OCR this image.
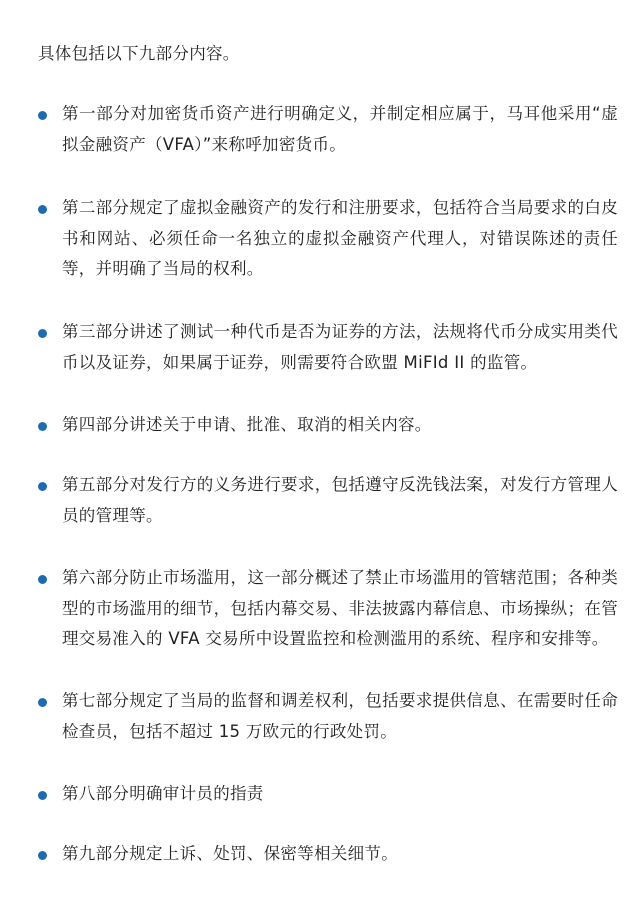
具体包括以下九部分内容。
第一部分对加密货币资产进行明确定义，并制定相应属于，马耳他采用“虚拟金融资产（VFA）”来称呼加密货币。
第二部分规定了虚拟金融资产的发行和注册要求，包括符合当局要求的白皮书和网站、必须任命一名独立的虚拟金融资产代理人，对错误陈述的责任等，并明确了当局的权利。
第三部分讲述了测试一种代币是否为证券的方法，法规将代币分成实用类代币以及证券，如果属于证券，则需要符合欧盟 MiFId II 的监管。
第四部分讲述关于申请、批准、取消的相关内容。
第五部分对发行方的义务进行要求，包括遵守反洗钱法案，对发行方管理人员的管理等。
第六部分防止市场滥用，这一部分概述了禁止市场滥用的管辖范围；各种类型的市场滥用的细节，包括内幕交易、非法披露内幕信息、市场操纵；在管理交易准入的 VFA 交易所中设置监控和检测滥用的系统、程序和安排等。
第七部分规定了当局的监督和调差权利，包括要求提供信息、在需要时任命检查员，包括不超过 15 万欧元的行政处罚。
第八部分明确审计员的指责
第九部分规定上诉、处罚、保密等相关细节。
